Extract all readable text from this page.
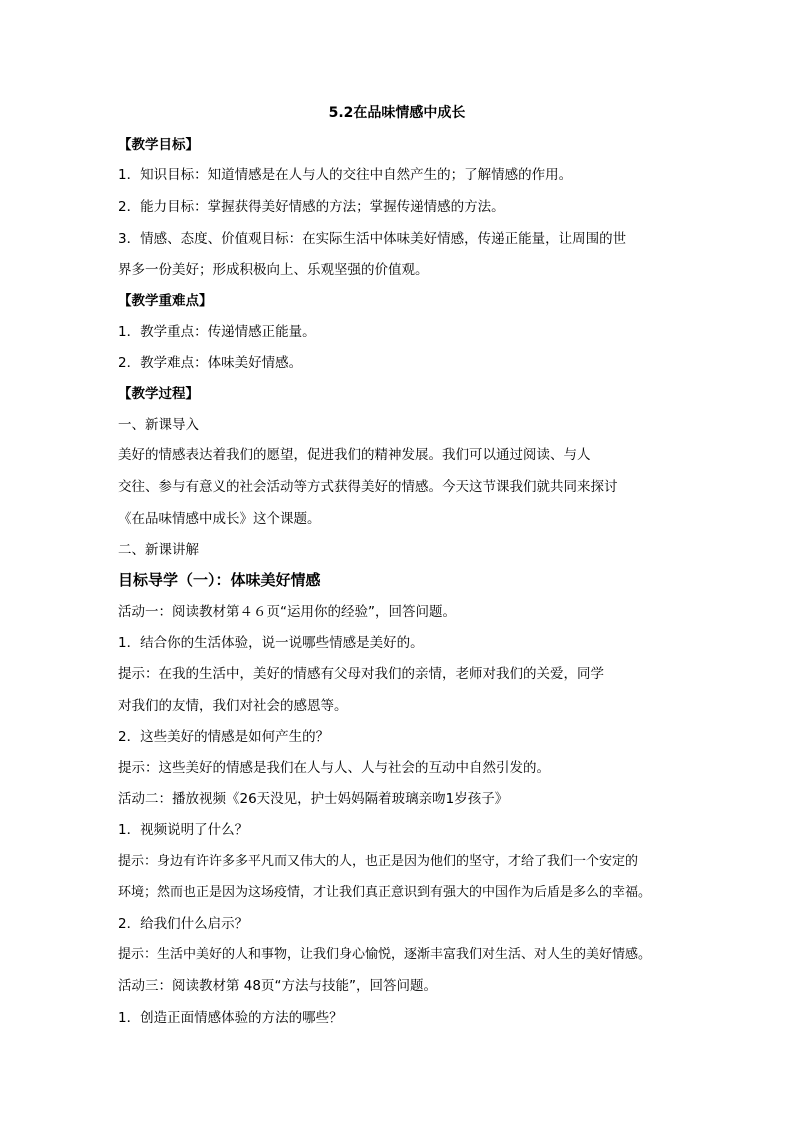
5.2在品味情感中成长
【教学目标】
1．知识目标：知道情感是在人与人的交往中自然产生的；了解情感的作用。
2．能力目标：掌握获得美好情感的方法；掌握传递情感的方法。
3．情感、态度、价值观目标：在实际生活中体味美好情感，传递正能量，让周围的世
界多一份美好；形成积极向上、乐观坚强的价值观。
【教学重难点】
1．教学重点：传递情感正能量。
2．教学难点：体味美好情感。
【教学过程】
一、新课导入
美好的情感表达着我们的愿望，促进我们的精神发展。我们可以通过阅读、与人
交往、参与有意义的社会活动等方式获得美好的情感。今天这节课我们就共同来探讨
《在品味情感中成长》这个课题。
二、新课讲解
目标导学（一）：体味美好情感
活动一：阅读教材第４６页“运用你的经验”，回答问题。
1．结合你的生活体验，说一说哪些情感是美好的。
提示：在我的生活中，美好的情感有父母对我们的亲情，老师对我们的关爱，同学
对我们的友情，我们对社会的感恩等。
2．这些美好的情感是如何产生的？
提示：这些美好的情感是我们在人与人、人与社会的互动中自然引发的。
活动二：播放视频《26天没见，护士妈妈隔着玻璃亲吻1岁孩子》
1．视频说明了什么？
提示：身边有许许多多平凡而又伟大的人，也正是因为他们的坚守，才给了我们一个安定的
环境；然而也正是因为这场疫情，才让我们真正意识到有强大的中国作为后盾是多么的幸福。
2．给我们什么启示？
提示：生活中美好的人和事物，让我们身心愉悦，逐渐丰富我们对生活、对人生的美好情感。
活动三：阅读教材第 48页“方法与技能”，回答问题。
1．创造正面情感体验的方法的哪些？
